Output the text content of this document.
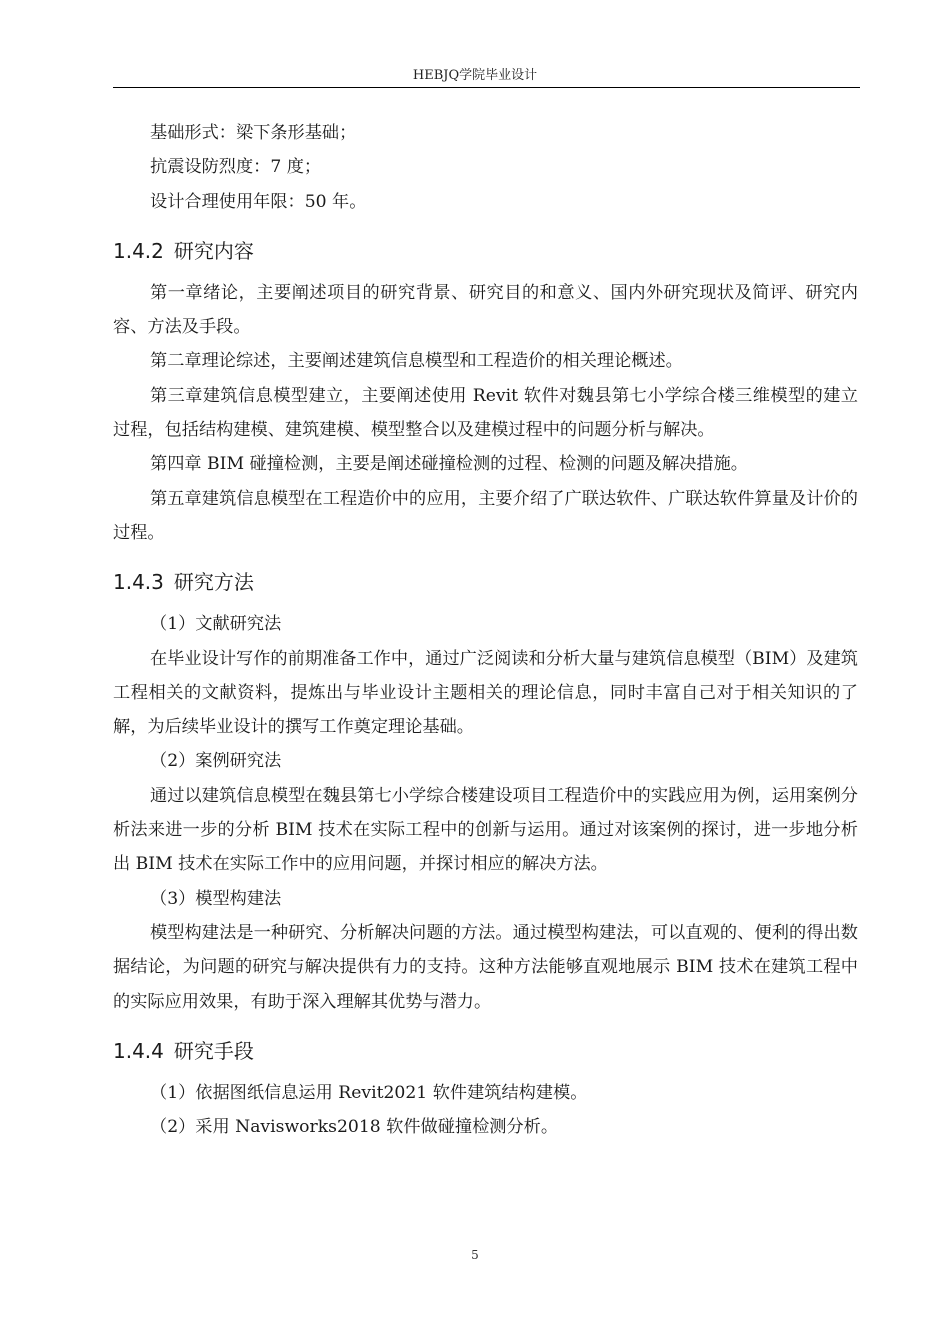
HEBJQ学院毕业设计

基础形式：梁下条形基础；

抗震设防烈度：7 度；

设计合理使用年限：50 年。

1.4.2 研究内容

第一章绪论，主要阐述项目的研究背景、研究目的和意义、国内外研究现状及简评、研究内容、方法及手段。

第二章理论综述，主要阐述建筑信息模型和工程造价的相关理论概述。

第三章建筑信息模型建立，主要阐述使用 Revit 软件对魏县第七小学综合楼三维模型的建立过程，包括结构建模、建筑建模、模型整合以及建模过程中的问题分析与解决。

第四章 BIM 碰撞检测，主要是阐述碰撞检测的过程、检测的问题及解决措施。

第五章建筑信息模型在工程造价中的应用，主要介绍了广联达软件、广联达软件算量及计价的过程。

1.4.3 研究方法

（1）文献研究法

在毕业设计写作的前期准备工作中，通过广泛阅读和分析大量与建筑信息模型（BIM）及建筑工程相关的文献资料，提炼出与毕业设计主题相关的理论信息，同时丰富自己对于相关知识的了解，为后续毕业设计的撰写工作奠定理论基础。

（2）案例研究法

通过以建筑信息模型在魏县第七小学综合楼建设项目工程造价中的实践应用为例，运用案例分析法来进一步的分析 BIM 技术在实际工程中的创新与运用。通过对该案例的探讨，进一步地分析出 BIM 技术在实际工作中的应用问题，并探讨相应的解决方法。

（3）模型构建法

模型构建法是一种研究、分析解决问题的方法。通过模型构建法，可以直观的、便利的得出数据结论，为问题的研究与解决提供有力的支持。这种方法能够直观地展示 BIM 技术在建筑工程中的实际应用效果，有助于深入理解其优势与潜力。

1.4.4 研究手段

（1）依据图纸信息运用 Revit2021 软件建筑结构建模。

（2）采用 Navisworks2018 软件做碰撞检测分析。

5
